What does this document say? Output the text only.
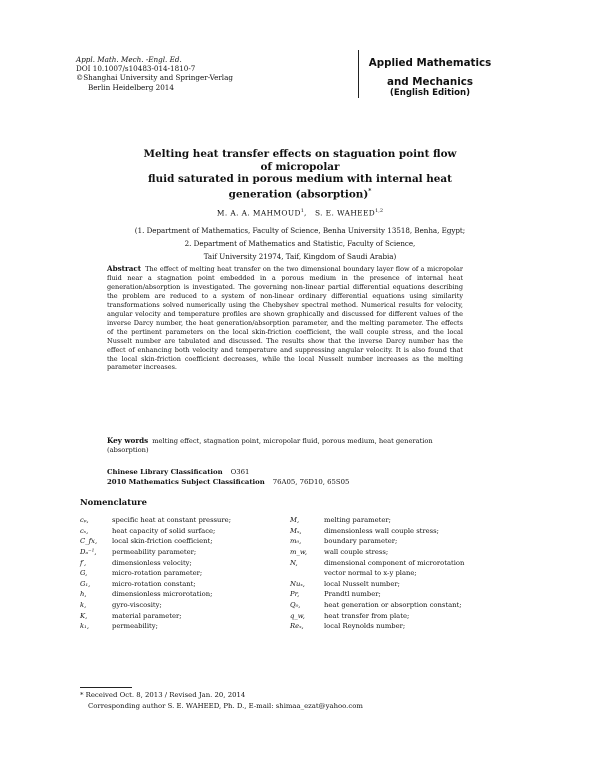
Appl. Math. Mech. -Engl. Ed.
DOI 10.1007/s10483-014-1810-7
©Shanghai University and Springer-Verlag
Berlin Heidelberg 2014
Applied Mathematics
and Mechanics
(English Edition)
Melting heat transfer effects on staguation point flow of micropolar
fluid saturated in porous medium with internal heat
generation (absorption)*
M. A. A. MAHMOUD$^1$, S. E. WAHEED$^{1,2}$
(1. Department of Mathematics, Faculty of Science, Benha University 13518, Benha, Egypt;
2. Department of Mathematics and Statistic, Faculty of Science,
Taif University 21974, Taif, Kingdom of Saudi Arabia)
Abstract The effect of melting heat transfer on the two dimensional boundary layer flow of a micropolar fluid near a stagnation point embedded in a porous medium in the presence of internal heat generation/absorption is investigated. The governing non-linear partial differential equations describing the problem are reduced to a system of non-linear ordinary differential equations using similarity transformations solved numerically using the Chebyshev spectral method. Numerical results for velocity, angular velocity and temperature profiles are shown graphically and discussed for different values of the inverse Darcy number, the heat generation/absorption parameter, and the melting parameter. The effects of the pertinent parameters on the local skin-friction coefficient, the wall couple stress, and the local Nusselt number are tabulated and discussed. The results show that the inverse Darcy number has the effect of enhancing both velocity and temperature and suppressing angular velocity. It is also found that the local skin-friction coefficient decreases, while the local Nusselt number increases as the melting parameter increases.
Key words melting effect, stagnation point, micropolar fluid, porous medium, heat generation (absorption)
Chinese Library Classification O361
2010 Mathematics Subject Classification 76A05, 76D10, 65S05
Nomenclature
cₚ,	specific heat at constant pressure;
cₛ,	heat capacity of solid surface;
C_fx, local skin-friction coefficient;
Dₐ⁻¹, permeability parameter;
f′,	dimensionless velocity;
G,	micro-rotation parameter;
G₁,	micro-rotation constant;
h,	dimensionless microrotation;
k,	gyro-viscosity;
K,	material parameter;
k₁,	permeability;
M,	melting parameter;
Mₓ,	dimensionless wall couple stress;
m₀,	boundary parameter;
m_w, wall couple stress;
N,	dimensional component of microrotation
vector normal to x-y plane;
Nuₓ,	local Nusselt number;
Pr,	Prandtl number;
Q₀,	heat generation or absorption constant;
q_w,	heat transfer from plate;
Reₓ,	local Reynolds number;
* Received Oct. 8, 2013 / Revised Jan. 20, 2014
Corresponding author S. E. WAHEED, Ph. D., E-mail: shimaa_ezat@yahoo.com
